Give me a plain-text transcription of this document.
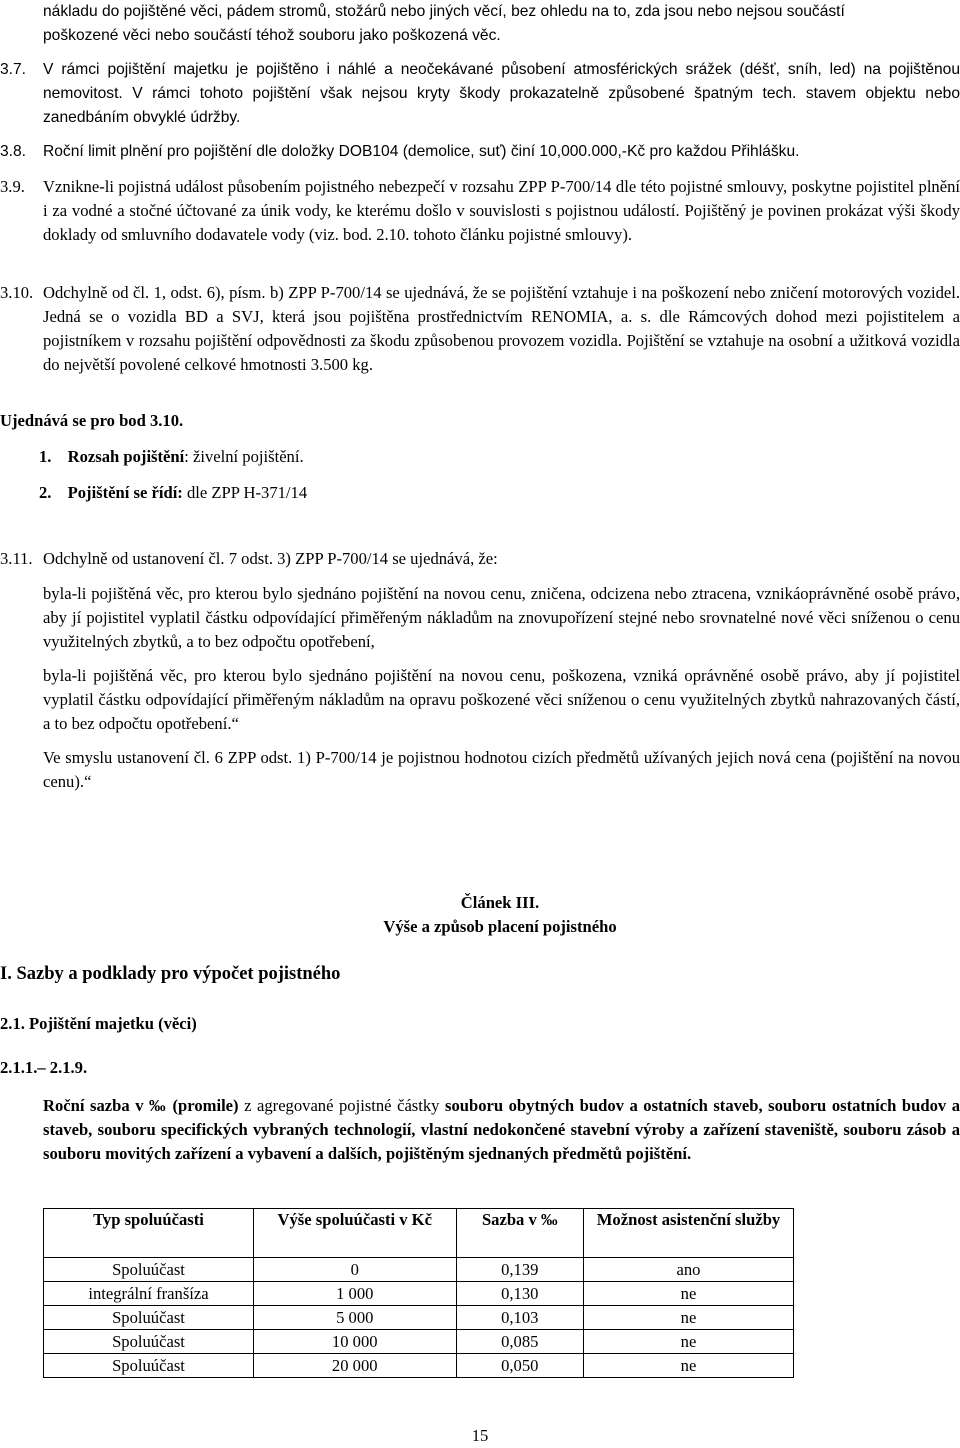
nákladu do pojištěné věci, pádem stromů, stožárů nebo jiných věcí, bez ohledu na to, zda jsou nebo nejsou součástí
poškozené věci nebo součástí téhož souboru jako poškozená věc.
3.7. V rámci pojištění majetku je pojištěno i náhlé a neočekávané působení atmosférických srážek (déšť, sníh, led) na pojištěnou nemovitost. V rámci tohoto pojištění však nejsou kryty škody prokazatelně způsobené špatným tech. stavem objektu nebo zanedbáním obvyklé údržby.
3.8. Roční limit plnění pro pojištění dle doložky DOB104 (demolice, suť) činí 10,000.000,-Kč pro každou Přihlášku.
3.9. Vznikne-li pojistná událost působením pojistného nebezpečí v rozsahu ZPP P-700/14 dle této pojistné smlouvy, poskytne pojistitel plnění i za vodné a stočné účtované za únik vody, ke kterému došlo v souvislosti s pojistnou událostí. Pojištěný je povinen prokázat výši škody doklady od smluvního dodavatele vody (viz. bod. 2.10. tohoto článku pojistné smlouvy).
3.10. Odchylně od čl. 1, odst. 6), písm. b) ZPP P-700/14 se ujednává, že se pojištění vztahuje i na poškození nebo zničení motorových vozidel. Jedná se o vozidla BD a SVJ, která jsou pojištěna prostřednictvím RENOMIA, a. s. dle Rámcových dohod mezi pojistitelem a pojistníkem v rozsahu pojištění odpovědnosti za škodu způsobenou provozem vozidla. Pojištění se vztahuje na osobní a užitková vozidla do největší povolené celkové hmotnosti 3.500 kg.
Ujednává se pro bod 3.10.
1. Rozsah pojištění: živelní pojištění.
2. Pojištění se řídí: dle ZPP H-371/14
3.11. Odchylně od ustanovení čl. 7 odst. 3) ZPP P-700/14 se ujednává, že:
byla-li pojištěná věc, pro kterou bylo sjednáno pojištění na novou cenu, zničena, odcizena nebo ztracena, vznikáoprávněné osobě právo, aby jí pojistitel vyplatil částku odpovídající přiměřeným nákladům na znovupořízení stejné nebo srovnatelné nové věci sníženou o cenu využitelných zbytků, a to bez odpočtu opotřebení,
byla-li pojištěná věc, pro kterou bylo sjednáno pojištění na novou cenu, poškozena, vzniká oprávněné osobě právo, aby jí pojistitel vyplatil částku odpovídající přiměřeným nákladům na opravu poškozené věci sníženou o cenu využitelných zbytků nahrazovaných částí, a to bez odpočtu opotřebení.“
Ve smyslu ustanovení čl. 6 ZPP odst. 1) P-700/14 je pojistnou hodnotou cizích předmětů užívaných jejich nová cena (pojištění na novou cenu).“
Článek III.
Výše a způsob placení pojistného
I. Sazby a podklady pro výpočet pojistného
2.1. Pojištění majetku (věci)
2.1.1.– 2.1.9.
Roční sazba v ‰ (promile) z agregované pojistné částky souboru obytných budov a ostatních staveb, souboru ostatních budov a staveb, souboru specifických vybraných technologií, vlastní nedokončené stavební výroby a zařízení staveniště, souboru zásob a souboru movitých zařízení a vybavení a dalších, pojištěným sjednaných předmětů pojištění.
Typ spoluúčasti	Výše spoluúčasti v Kč	Sazba v ‰	Možnost asistenční služby
Spoluúčast	0	0,139	ano
integrální franšíza	1 000	0,130	ne
Spoluúčast	5 000	0,103	ne
Spoluúčast	10 000	0,085	ne
Spoluúčast	20 000	0,050	ne
15
